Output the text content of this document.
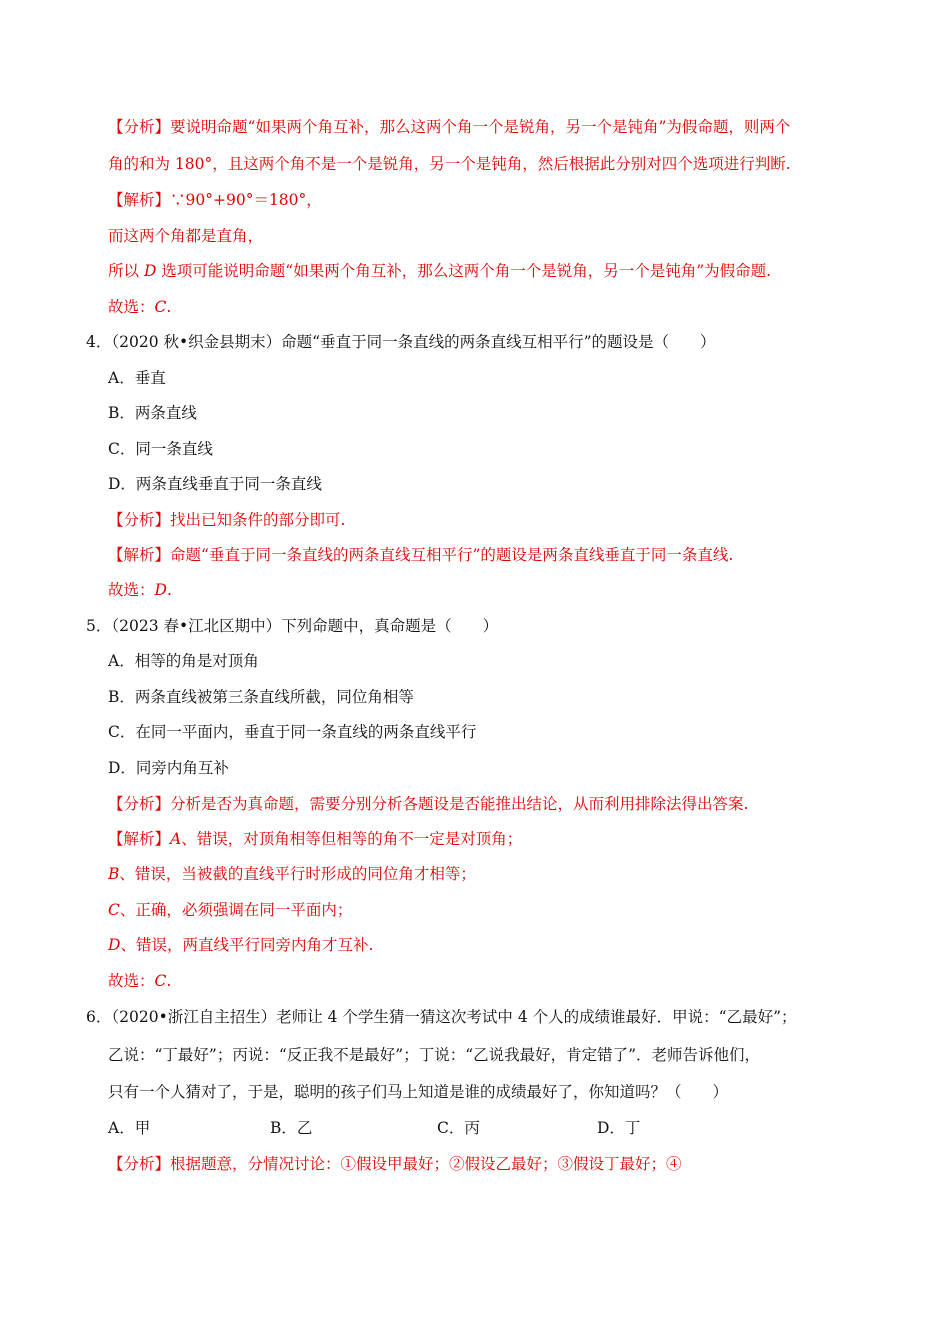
【分析】要说明命题“如果两个角互补，那么这两个角一个是锐角，另一个是钝角”为假命题，则两个
角的和为 180°，且这两个角不是一个是锐角，另一个是钝角，然后根据此分别对四个选项进行判断.
【解析】∵90°+90°＝180°，
而这两个角都是直角，
所以 D 选项可能说明命题“如果两个角互补，那么这两个角一个是锐角，另一个是钝角”为假命题.
故选：C.
4．（2020 秋•织金县期末）命题“垂直于同一条直线的两条直线互相平行”的题设是（　　）
A．垂直
B．两条直线
C．同一条直线
D．两条直线垂直于同一条直线
【分析】找出已知条件的部分即可.
【解析】命题“垂直于同一条直线的两条直线互相平行”的题设是两条直线垂直于同一条直线.
故选：D.
5．（2023 春•江北区期中）下列命题中，真命题是（　　）
A．相等的角是对顶角
B．两条直线被第三条直线所截，同位角相等
C．在同一平面内，垂直于同一条直线的两条直线平行
D．同旁内角互补
【分析】分析是否为真命题，需要分别分析各题设是否能推出结论，从而利用排除法得出答案.
【解析】A、错误，对顶角相等但相等的角不一定是对顶角；
B、错误，当被截的直线平行时形成的同位角才相等；
C、正确，必须强调在同一平面内；
D、错误，两直线平行同旁内角才互补.
故选：C.
6．（2020•浙江自主招生）老师让 4 个学生猜一猜这次考试中 4 个人的成绩谁最好．甲说：“乙最好”；
乙说：“丁最好”；丙说：“反正我不是最好”；丁说：“乙说我最好，肯定错了”．老师告诉他们，
只有一个人猜对了，于是，聪明的孩子们马上知道是谁的成绩最好了，你知道吗？（　　）
A．甲	B．乙	C．丙	D．丁
【分析】根据题意，分情况讨论：①假设甲最好；②假设乙最好；③假设丁最好；④
